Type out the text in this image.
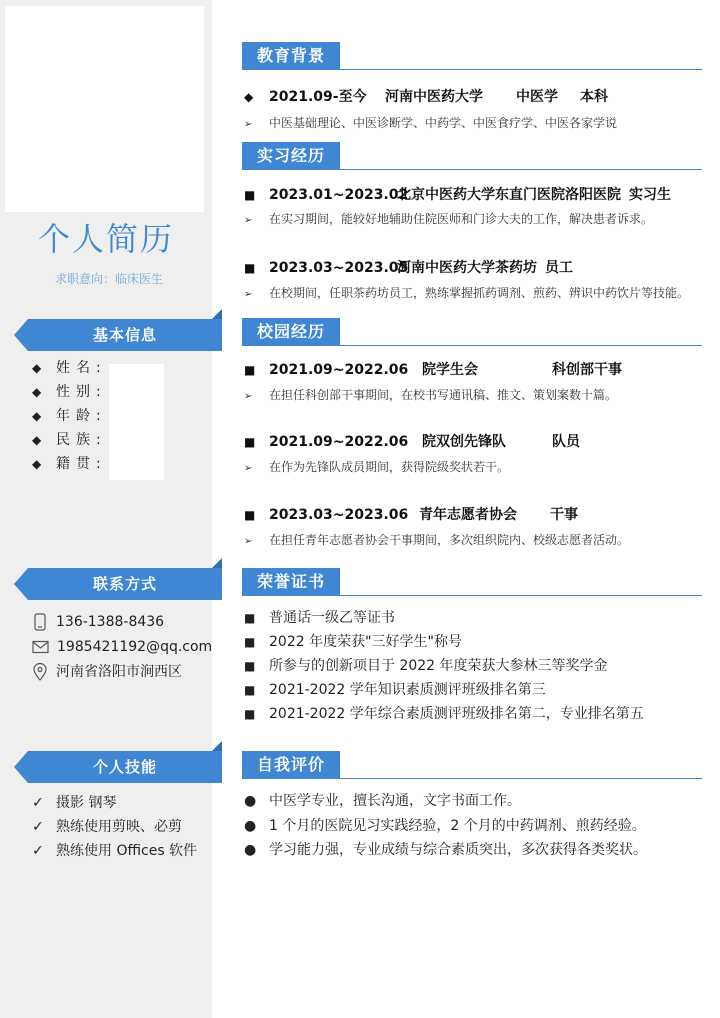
个人简历
求职意向：临床医生
基本信息
◆ 姓名:
◆ 性别:
◆ 年龄:
◆ 民族:
◆ 籍贯:
联系方式
136-1388-8436
1985421192@qq.com
河南省洛阳市涧西区
个人技能
✓ 摄影 钢琴
✓ 熟练使用剪映、必剪
✓ 熟练使用 Offices 软件
教育背景
◆ 2021.09-至今 河南中医药大学 中医学 本科
➢ 中医基础理论、中医诊断学、中药学、中医食疗学、中医各家学说
实习经历
■ 2023.01~2023.02北京中医药大学东直门医院洛阳医院 实习生
➢ 在实习期间，能较好地辅助住院医师和门诊大夫的工作，解决患者诉求。
■ 2023.03~2023.05河南中医药大学茶药坊 员工
➢ 在校期间，任职茶药坊员工，熟练掌握抓药调剂、煎药、辨识中药饮片等技能。
校园经历
■ 2021.09~2022.06 院学生会	科创部干事
➢ 在担任科创部干事期间，在校书写通讯稿、推文、策划案数十篇。
■ 2021.09~2022.06 院双创先锋队	队员
➢ 在作为先锋队成员期间，获得院级奖状若干。
■ 2023.03~2023.06 青年志愿者协会 干事
➢ 在担任青年志愿者协会干事期间，多次组织院内、校级志愿者活动。
荣誉证书
■ 普通话一级乙等证书
■ 2022 年度荣获"三好学生"称号
■ 所参与的创新项目于 2022 年度荣获大参林三等奖学金
■ 2021-2022 学年知识素质测评班级排名第三
■ 2021-2022 学年综合素质测评班级排名第二，专业排名第五
自我评价
● 中医学专业，擅长沟通，文字书面工作。
● 1 个月的医院见习实践经验，2 个月的中药调剂、煎药经验。
● 学习能力强，专业成绩与综合素质突出，多次获得各类奖状。
